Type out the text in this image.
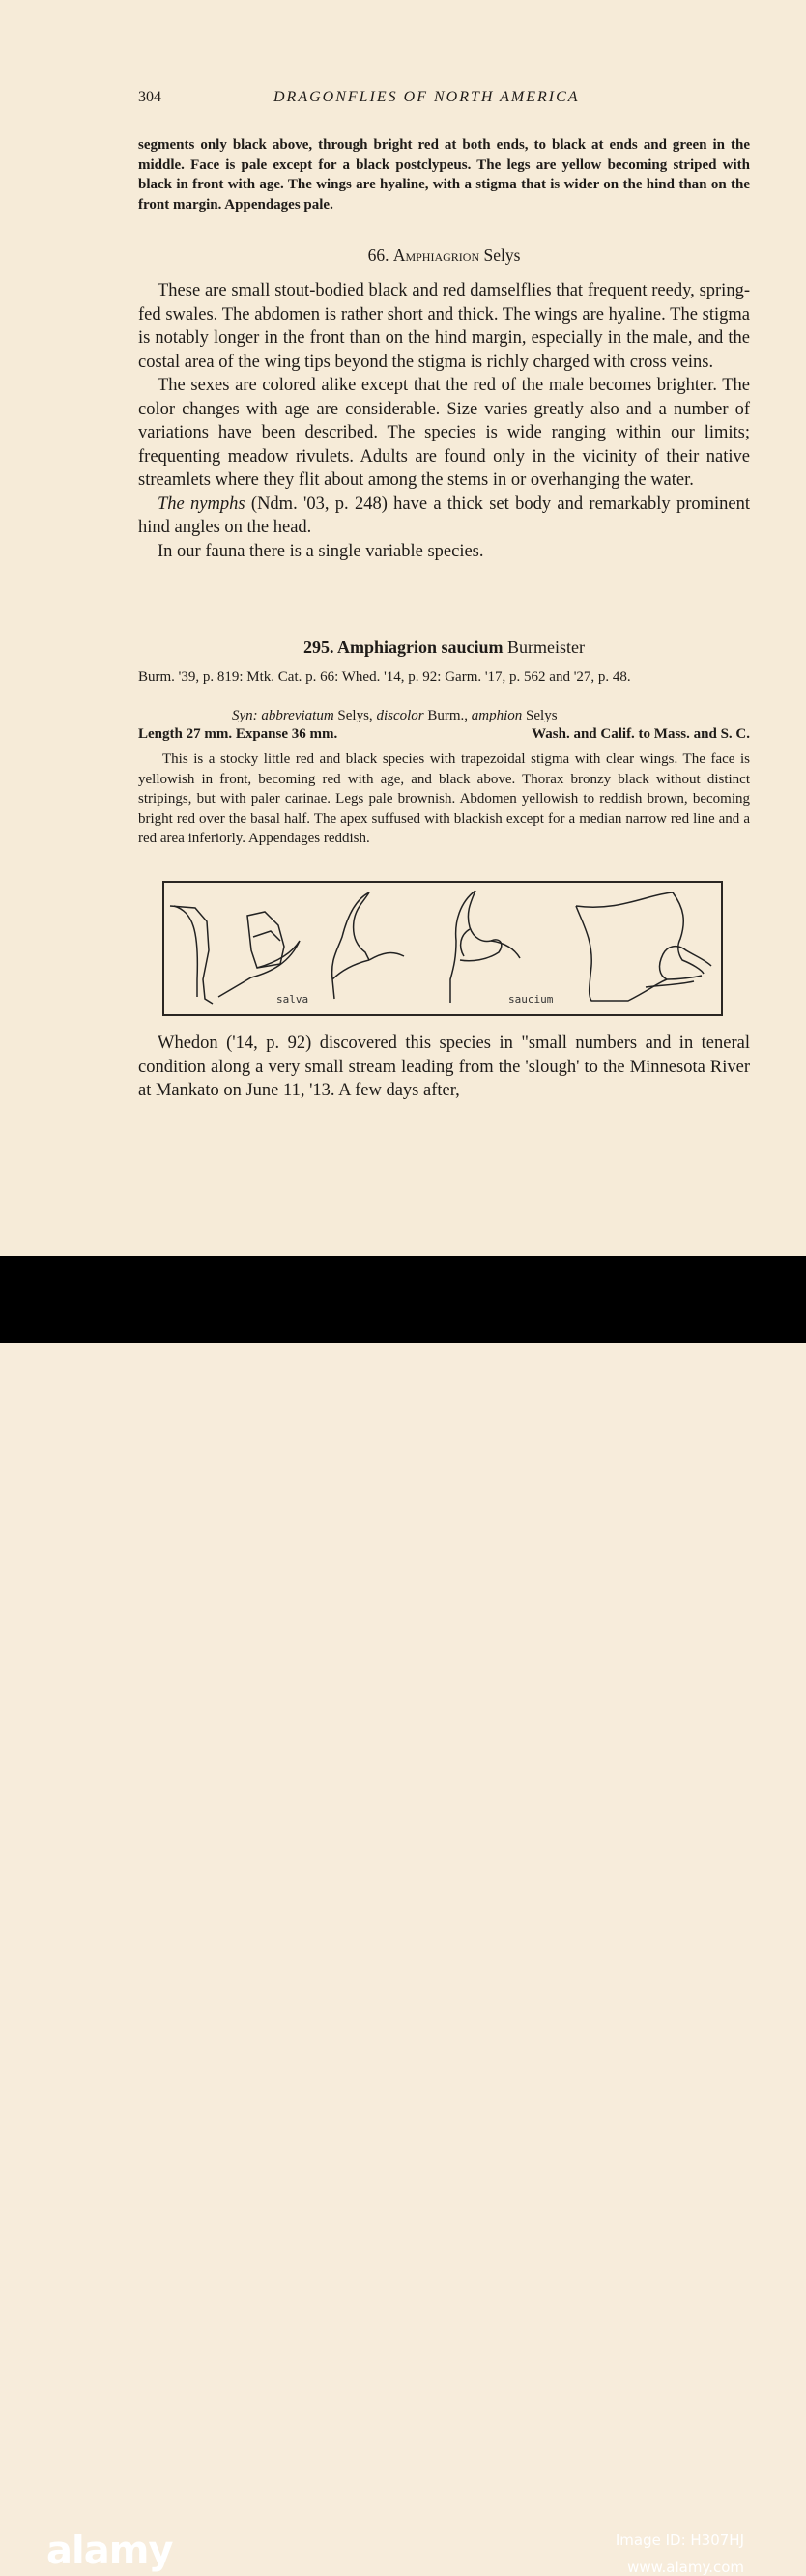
304	DRAGONFLIES OF NORTH AMERICA
segments only black above, through bright red at both ends, to black at ends and green in the middle. Face is pale except for a black postclypeus. The legs are yellow becoming striped with black in front with age. The wings are hyaline, with a stigma that is wider on the hind than on the front margin. Appendages pale.
66. Amphiagrion Selys

These are small stout-bodied black and red damselflies that frequent reedy, spring-fed swales. The abdomen is rather short and thick. The wings are hyaline. The stigma is notably longer in the front than on the hind margin, especially in the male, and the costal area of the wing tips beyond the stigma is richly charged with cross veins.

The sexes are colored alike except that the red of the male becomes brighter. The color changes with age are considerable. Size varies greatly also and a number of variations have been described. The species is wide ranging within our limits; frequenting meadow rivulets. Adults are found only in the vicinity of their native streamlets where they flit about among the stems in or overhanging the water.

The nymphs (Ndm. '03, p. 248) have a thick set body and remarkably prominent hind angles on the head.

In our fauna there is a single variable species.

295. Amphiagrion saucium Burmeister
Burm. '39, p. 819: Mtk. Cat. p. 66: Whed. '14, p. 92: Garm. '17, p. 562 and '27, p. 48.
Syn: abbreviatum Selys, discolor Burm., amphion Selys
Length 27 mm. Expanse 36 mm.	Wash. and Calif. to Mass. and S. C.

This is a stocky little red and black species with trapezoidal stigma with clear wings. The face is yellowish in front, becoming red with age, and black above. Thorax bronzy black without distinct stripings, but with paler carinae. Legs pale brownish. Abdomen yellowish to reddish brown, becoming bright red over the basal half. The apex suffused with blackish except for a median narrow red line and a red area inferiorly. Appendages reddish.

salva	saucium

Whedon ('14, p. 92) discovered this species in "small numbers and in teneral condition along a very small stream leading from the 'slough' to the Minnesota River at Mankato on June 11, '13. A few days after,

alamy	Image ID: H307HJ
www.alamy.com
